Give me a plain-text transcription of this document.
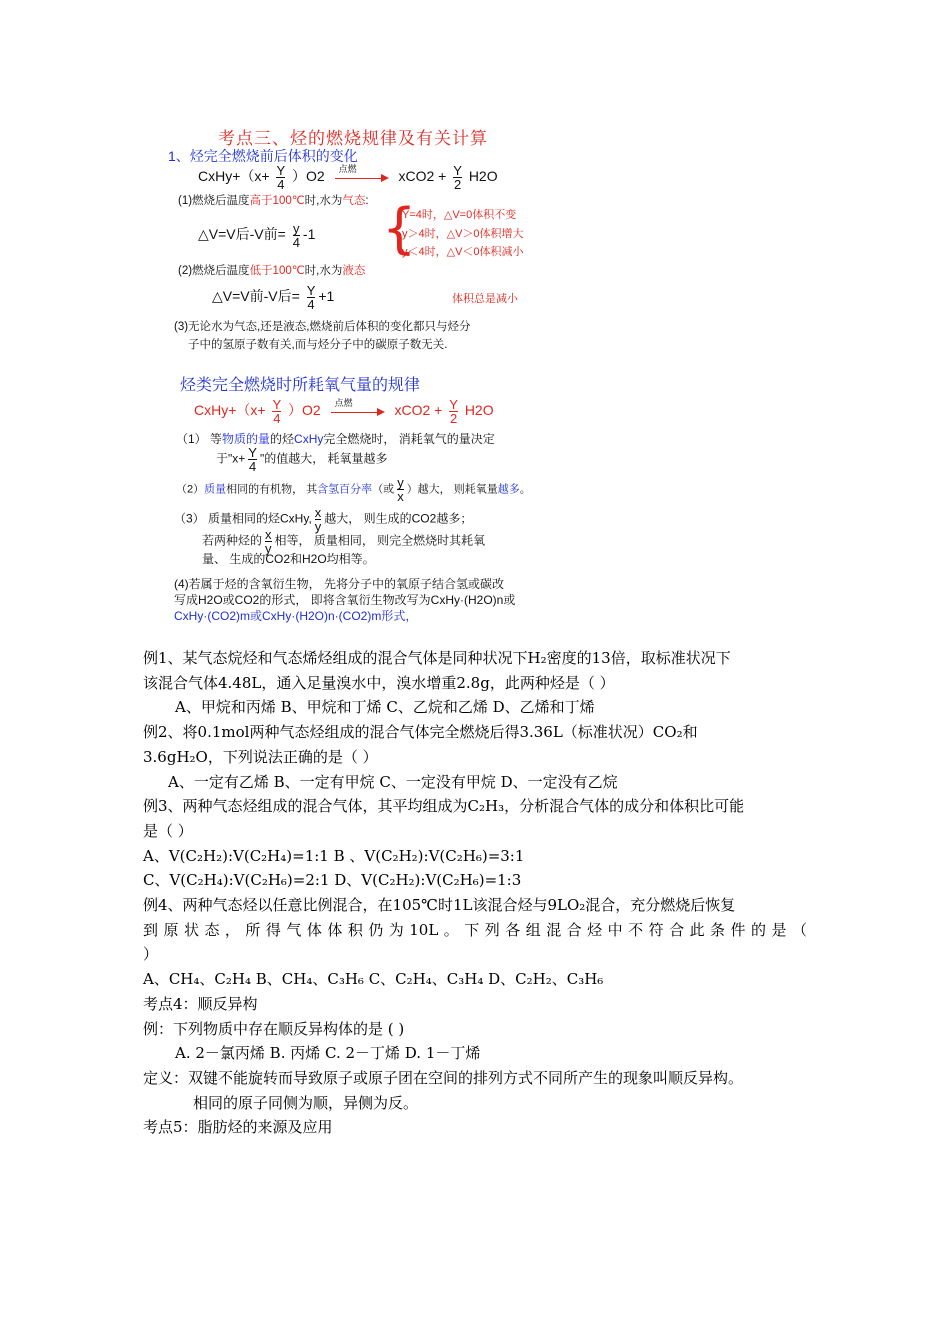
考点三、烃的燃烧规律及有关计算
1、烃完全燃烧前后体积的变化
CxHy+（x+ $\frac{Y}{4} )O2$ 点燃	$xCO2 + \frac{Y}{2} H2O$
(1)燃烧后温度高于100℃时,水为气态:
△V=V后-V前= $\frac{y}{4} -1$ {
Y=4时，△V=0体积不变
y＞4时，△V＞0体积增大
y＜4时，△V＜0体积减小
(2)燃烧后温度低于100℃时,水为液态
△V=V前-V后= $\frac{Y}{4} +1$	体积总是减小
(3)无论水为气态,还是液态,燃烧前后体积的变化都只与烃分
子中的氢原子数有关,而与烃分子中的碳原子数无关.
烃类完全燃烧时所耗氧气量的规律
CxHy+（x+ $\frac{Y}{4} )O2$ 点燃	$xCO2 + \frac{Y}{2} H2O$
（1） 等物质的量的烃CxHy完全燃烧时， 消耗氧气的量决定
于"$x+ \frac{Y}{4}$ "的值越大， 耗氧量越多
（2）质量相同的有机物， 其含氢百分率（或 $\frac{y}{x}$ ）越大， 则耗氧量越多。
（3） 质量相同的烃CxHy, $\frac{x}{y}$ 越大， 则生成的CO2越多；
若两种烃的 $\frac{x}{y}$ 相等， 质量相同， 则完全燃烧时其耗氧
量、 生成的CO2和H2O均相等。
(4)若属于烃的含氧衍生物， 先将分子中的氧原子结合氢或碳改
写成H2O或CO2的形式， 即将含氧衍生物改写为CxHy·(H2O)n或
CxHy·(CO2)m或CxHy·(H2O)n·(CO2)m形式，

例1、某气态烷烃和气态烯烃组成的混合气体是同种状况下H₂密度的13倍，取标准状况下

该混合气体4.48L，通入足量溴水中，溴水增重2.8g，此两种烃是（ ）

A、甲烷和丙烯 B、甲烷和丁烯 C、乙烷和乙烯 D、乙烯和丁烯

例2、将0.1mol两种气态烃组成的混合气体完全燃烧后得3.36L（标准状况）CO₂和

3.6gH₂O，下列说法正确的是（ ）

A、一定有乙烯 B、一定有甲烷 C、一定没有甲烷 D、一定没有乙烷

例3、两种气态烃组成的混合气体，其平均组成为C₂H₃，分析混合气体的成分和体积比可能

是（ ）

A、V(C₂H₂):V(C₂H₄)=1:1 B 、V(C₂H₂):V(C₂H₆)=3:1

C、V(C₂H₄):V(C₂H₆)=2:1 D、V(C₂H₂):V(C₂H₆)=1:3

例4、两种气态烃以任意比例混合，在105℃时1L该混合烃与9LO₂混合，充分燃烧后恢复

到原状态，所得气体体积仍为10L。下列各组混合烃中不符合此条件的是（

）

A、CH₄、C₂H₄ B、CH₄、C₃H₆ C、C₂H₄、C₃H₄ D、C₂H₂、C₃H₆

考点4：顺反异构

例：下列物质中存在顺反异构体的是 ( )

A. 2－氯丙烯 B. 丙烯 C. 2－丁烯 D. 1－丁烯

定义：双键不能旋转而导致原子或原子团在空间的排列方式不同所产生的现象叫顺反异构。

相同的原子同侧为顺，异侧为反。

考点5：脂肪烃的来源及应用
